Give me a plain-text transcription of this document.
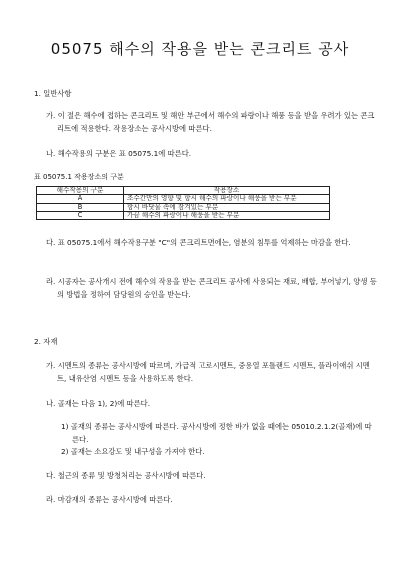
05075 해수의 작용을 받는 콘크리트 공사
1. 일반사항
가. 이 절은 해수에 접하는 콘크리트 및 해안 부근에서 해수의 파랑이나 해풍 등을 받을 우려가 있는 콘크리트에 적용한다. 작용장소는 공사시방에 따른다.
나. 해수작용의 구분은 표 05075.1에 따른다.
표 05075.1 작용장소의 구분
해수작용의 구분	작용장소
A	조수간만의 영향 및 항시 해수의 파랑이나 해풍을 받는 부분
B	항시 바닷물 속에 잠겨있는 부분
C	가끔 해수의 파랑이나 해풍을 받는 부분
다. 표 05075.1에서 해수작용구분 "C"의 콘크리트면에는, 염분의 침투를 억제하는 마감을 한다.
라. 시공자는 공사개시 전에 해수의 작용을 받는 콘크리트 공사에 사용되는 재료, 배합, 부어넣기, 양생 등의 방법을 정하여 담당원의 승인을 받는다.
2. 자재
가. 시멘트의 종류는 공사시방에 따르며, 가급적 고로시멘트, 중용열 포틀랜드 시멘트, 플라이애쉬 시멘트, 내유산염 시멘트 등을 사용하도록 한다.
나. 골재는 다음 1), 2)에 따른다.
1) 골재의 종류는 공사시방에 따른다. 공사시방에 정한 바가 없을 때에는 05010.2.1.2(골재)에 따른다.
2) 골재는 소요강도 및 내구성을 가져야 한다.
다. 철근의 종류 및 방청처리는 공사시방에 따른다.
라. 마감재의 종류는 공사시방에 따른다.
